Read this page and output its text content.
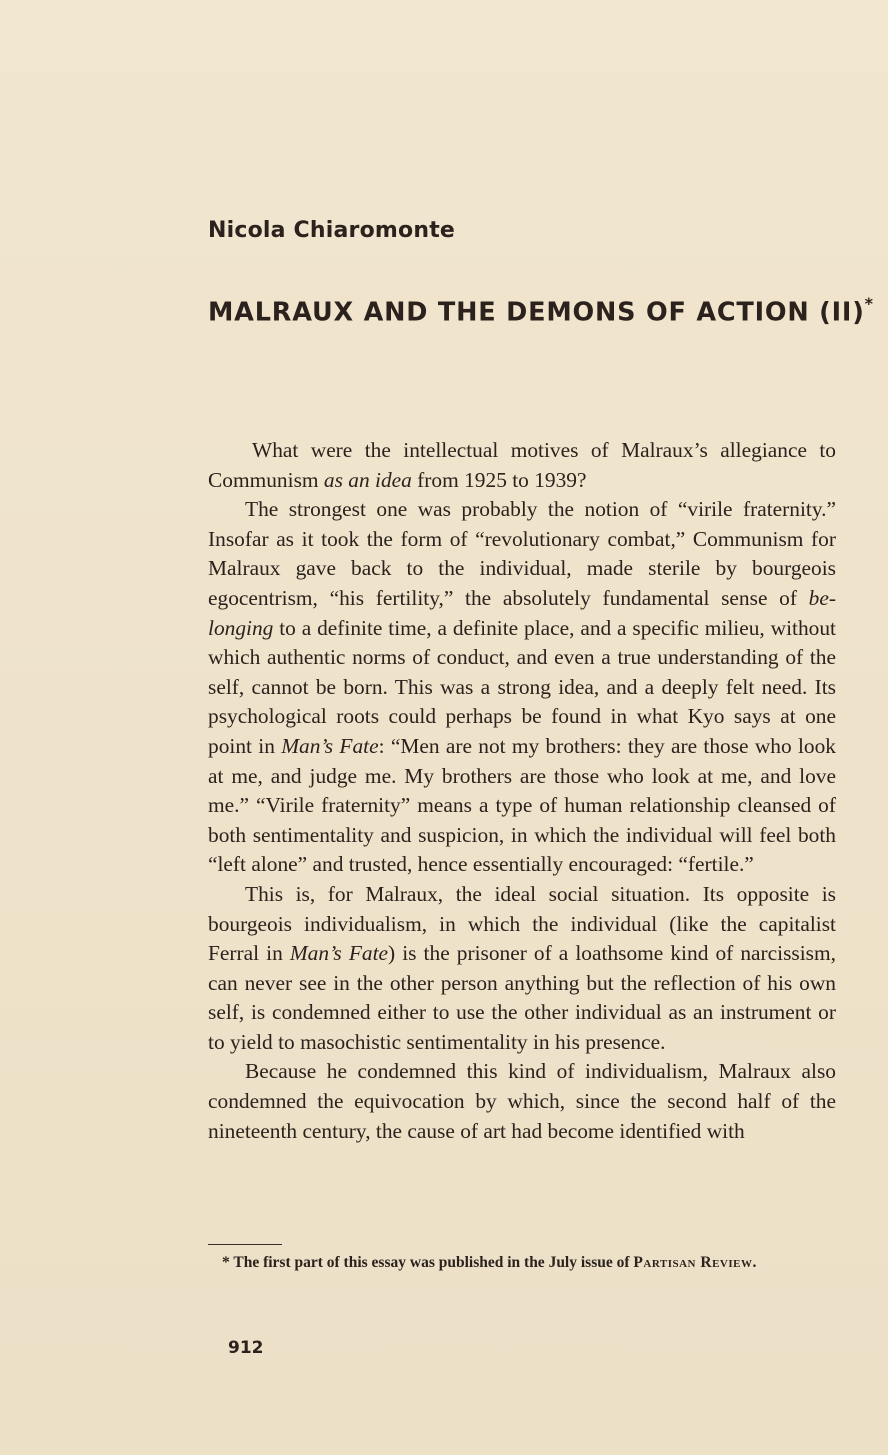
Nicola Chiaromonte
MALRAUX AND THE DEMONS OF ACTION (II)*

What were the intellectual motives of Malraux’s allegiance to Communism as an idea from 1925 to 1939?

The strongest one was probably the notion of “virile fraternity.” Insofar as it took the form of “revolutionary combat,” Communism for Malraux gave back to the individual, made sterile by bourgeois egocentrism, “his fertility,” the absolutely fundamental sense of belonging to a definite time, a definite place, and a specific milieu, without which authentic norms of conduct, and even a true understanding of the self, cannot be born. This was a strong idea, and a deeply felt need. Its psychological roots could perhaps be found in what Kyo says at one point in Man’s Fate: “Men are not my brothers: they are those who look at me, and judge me. My brothers are those who look at me, and love me.” “Virile fraternity” means a type of human relationship cleansed of both sentimentality and suspicion, in which the individual will feel both “left alone” and trusted, hence essentially encouraged: “fertile.”

This is, for Malraux, the ideal social situation. Its opposite is bourgeois individualism, in which the individual (like the capitalist Ferral in Man’s Fate) is the prisoner of a loathsome kind of narcissism, can never see in the other person anything but the reflection of his own self, is condemned either to use the other individual as an instrument or to yield to masochistic sentimentality in his presence.

Because he condemned this kind of individualism, Malraux also condemned the equivocation by which, since the second half of the nineteenth century, the cause of art had become identified with

* The first part of this essay was published in the July issue of Partisan Review.

912
